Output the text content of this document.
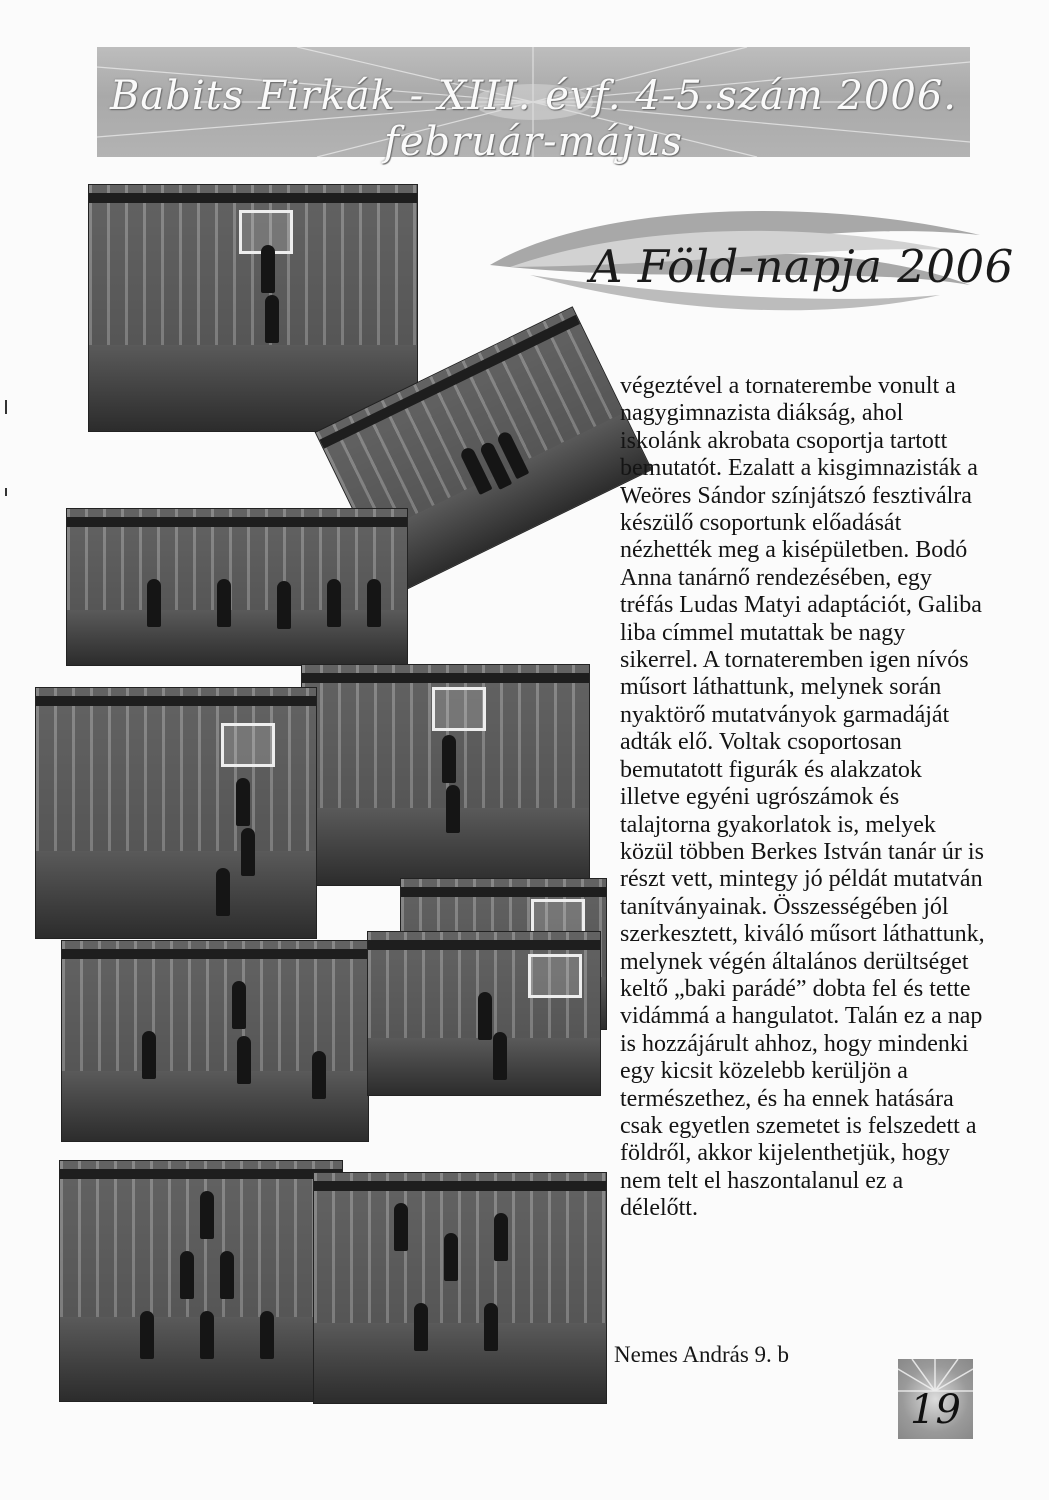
Babits Firkák - XIII. évf. 4-5.szám 2006. február-május
A Föld-napja 2006

végeztével a tornaterembe vonult a nagygimnazista diákság, ahol iskolánk akrobata csoportja tartott bemutatót. Ezalatt a kisgimnazisták a Weöres Sándor színjátszó fesztiválra készülő csoportunk előadását nézhették meg a kisépületben. Bodó Anna tanárnő rendezésében, egy tréfás Ludas Matyi adaptációt, Galiba liba címmel mutattak be nagy sikerrel. A tornateremben igen nívós műsort láthattunk, melynek során nyaktörő mutatványok garmadáját adták elő. Voltak csoportosan bemutatott figurák és alakzatok illetve egyéni ugrószámok és talajtorna gyakorlatok is, melyek közül többen Berkes István tanár úr is részt vett, mintegy jó példát mutatván tanítványainak. Összességében jól szerkesztett, kiváló műsort láthattunk, melynek végén általános derültséget keltő „baki parádé” dobta fel és tette vidámmá a hangulatot. Talán ez a nap is hozzájárult ahhoz, hogy mindenki egy kicsit közelebb kerüljön a természethez, és ha ennek hatására csak egyetlen szemetet is felszedett a földről, akkor kijelenthetjük, hogy nem telt el haszontalanul ez a délelőtt.

Nemes András 9. b
19
